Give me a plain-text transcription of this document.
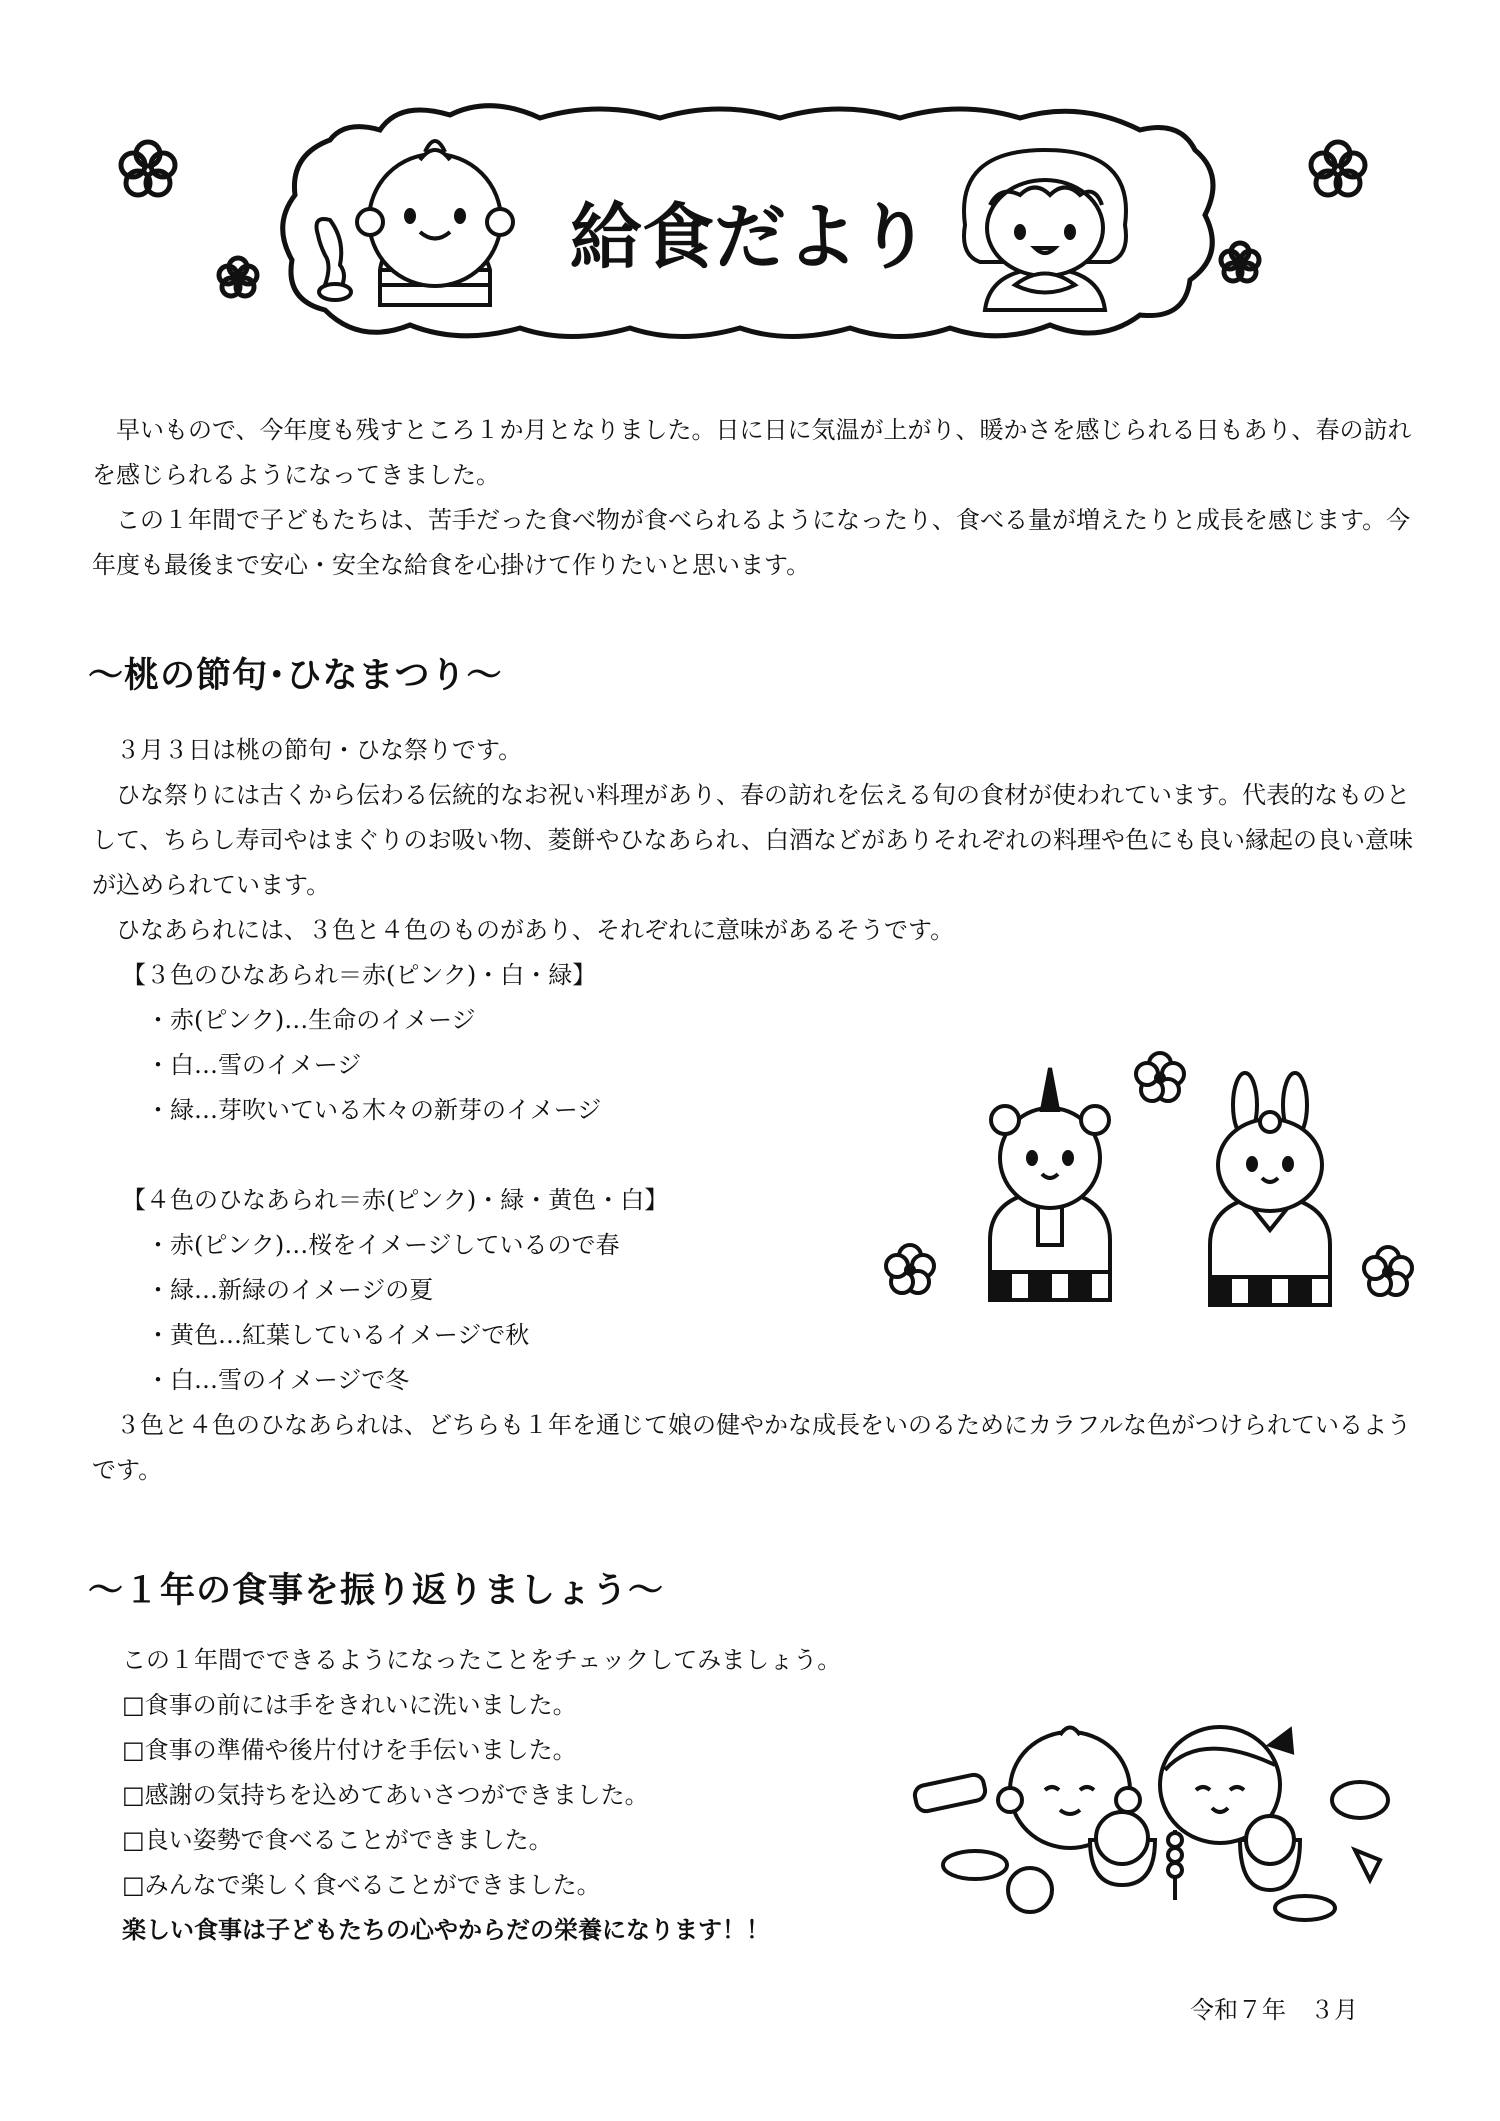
給食だより

　早いもので、今年度も残すところ１か月となりました。日に日に気温が上がり、暖かさを感じられる日もあり、春の訪れを感じられるようになってきました。

　この１年間で子どもたちは、苦手だった食べ物が食べられるようになったり、食べる量が増えたりと成長を感じます。今年度も最後まで安心・安全な給食を心掛けて作りたいと思います。

～桃の節句･ひなまつり～

　３月３日は桃の節句・ひな祭りです。

　ひな祭りには古くから伝わる伝統的なお祝い料理があり、春の訪れを伝える旬の食材が使われています。代表的なものとして、ちらし寿司やはまぐりのお吸い物、菱餅やひなあられ、白酒などがありそれぞれの料理や色にも良い縁起の良い意味が込められています。

　ひなあられには、３色と４色のものがあり、それぞれに意味があるそうです。

【３色のひなあられ＝赤(ピンク)・白・緑】

・赤(ピンク)…生命のイメージ

・白…雪のイメージ

・緑…芽吹いている木々の新芽のイメージ

【４色のひなあられ＝赤(ピンク)・緑・黄色・白】

・赤(ピンク)…桜をイメージしているので春

・緑…新緑のイメージの夏

・黄色…紅葉しているイメージで秋

・白…雪のイメージで冬

　３色と４色のひなあられは、どちらも１年を通じて娘の健やかな成長をいのるためにカラフルな色がつけられているようです。

～１年の食事を振り返りましょう～

この１年間でできるようになったことをチェックしてみましょう。

□食事の前には手をきれいに洗いました。

□食事の準備や後片付けを手伝いました。

□感謝の気持ちを込めてあいさつができました。

□良い姿勢で食べることができました。

□みんなで楽しく食べることができました。

楽しい食事は子どもたちの心やからだの栄養になります！！

令和７年　３月
